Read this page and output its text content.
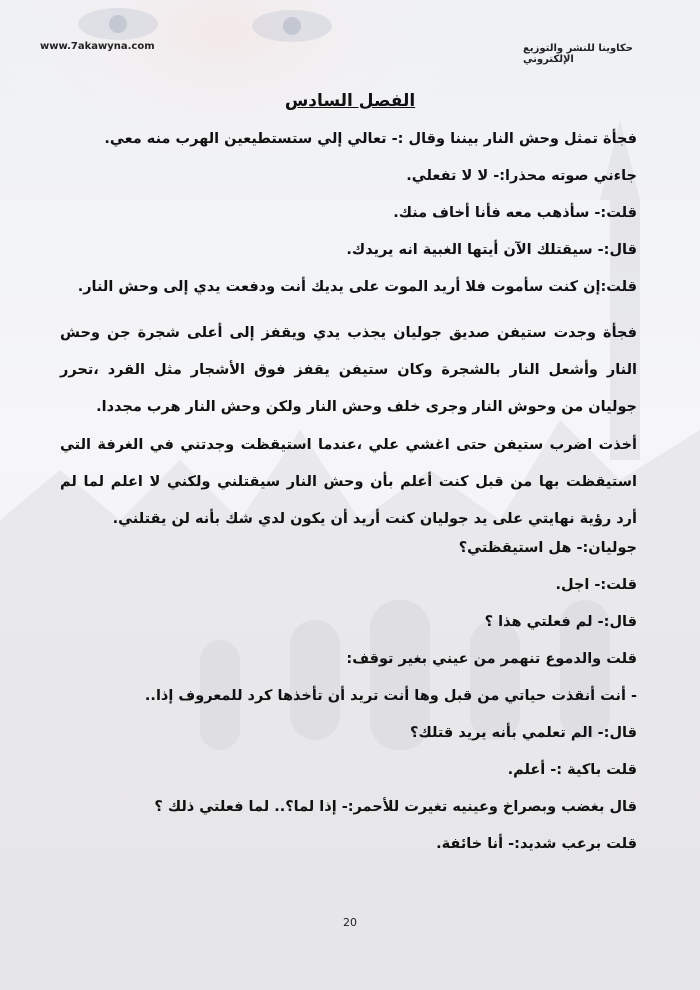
www.7akawyna.com	حكاوينا للنشر والتوزيع الإلكتروني
الفصل السادس

فجأة تمثل وحش النار بيننا وقال :- تعالي إلي ستستطيعين الهرب منه معي.

جاءني صوته محذرا:- لا لا تفعلي.

قلت:- سأذهب معه فأنا أخاف منك.

قال:- سيقتلك الآن أيتها الغبية انه يريدك.

قلت:إن كنت سأموت فلا أريد الموت على يديك أنت ودفعت يدي إلى وحش النار.

فجأة وجدت ستيفن صديق جوليان يجذب يدي ويقفز إلى أعلى شجرة جن وحش النار وأشعل النار بالشجرة وكان ستيفن يقفز فوق الأشجار مثل القرد ،تحرر جوليان من وحوش النار وجرى خلف وحش النار ولكن وحش النار هرب مجددا.

أخذت اضرب ستيفن حتى اغشي علي ،عندما استيقظت وجدتني في الغرفة التي استيقظت بها من قبل كنت أعلم بأن وحش النار سيقتلني ولكني لا اعلم لما لم أرد رؤية نهايتي على يد جوليان كنت أريد أن يكون لدي شك بأنه لن يقتلني.

جوليان:- هل استيقظتي؟

قلت:- اجل.

قال:- لم فعلتي هذا ؟

قلت والدموع تنهمر من عيني بغير توقف:

- أنت أنقذت حياتي من قبل وها أنت تريد أن تأخذها كرد للمعروف إذا..

قال:- الم تعلمي بأنه يريد قتلك؟

قلت باكية :- أعلم.

قال بغضب وبصراخ وعينيه تغيرت للأحمر:- إذا لما؟.. لما فعلتي ذلك ؟

قلت برعب شديد:- أنا خائفة.

20
